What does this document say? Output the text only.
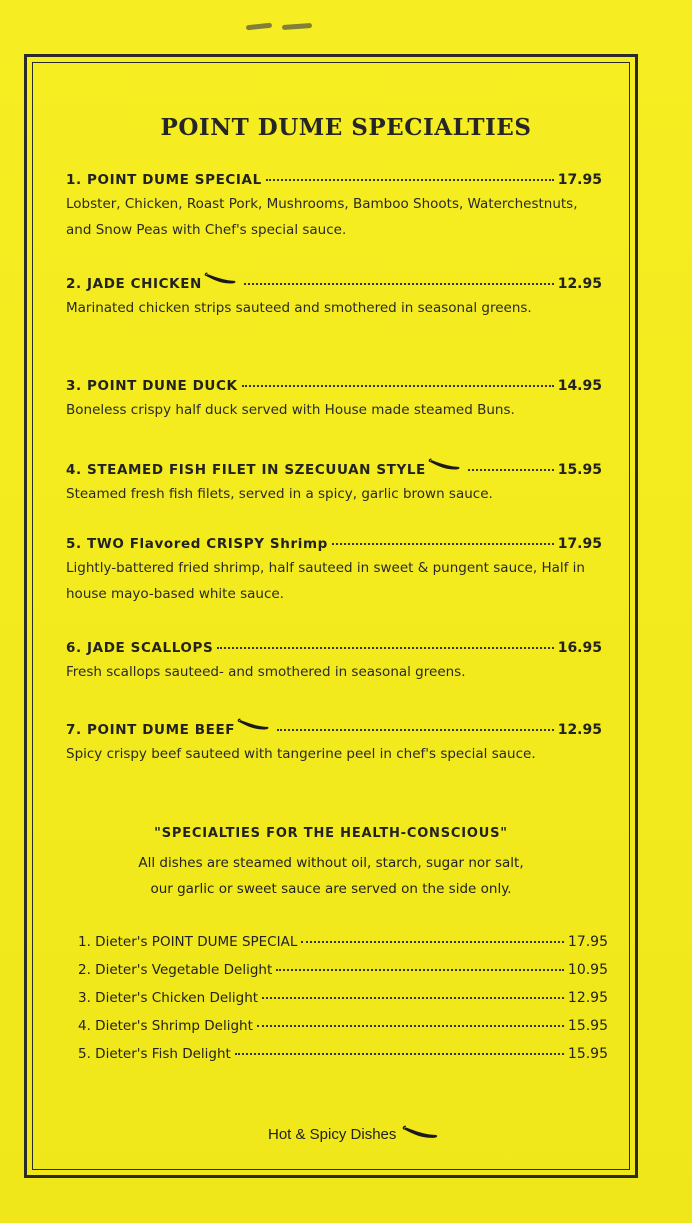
POINT DUME SPECIALTIES
1. POINT DUME SPECIAL	17.95
Lobster, Chicken, Roast Pork, Mushrooms, Bamboo Shoots, Waterchestnuts, and Snow Peas with Chef's special sauce.
2. JADE CHICKEN	12.95
Marinated chicken strips sauteed and smothered in seasonal greens.
3. POINT DUNE DUCK	14.95
Boneless crispy half duck served with House made steamed Buns.
4. STEAMED FISH FILET IN SZECUUAN STYLE	15.95
Steamed fresh fish filets, served in a spicy, garlic brown sauce.
5. TWO Flavored CRISPY Shrimp	17.95
Lightly-battered fried shrimp, half sauteed in sweet & pungent sauce, Half in house mayo-based white sauce.
6. JADE SCALLOPS	16.95
Fresh scallops sauteed- and smothered in seasonal greens.
7. POINT DUME BEEF	12.95
Spicy crispy beef sauteed with tangerine peel in chef's special sauce.
"SPECIALTIES FOR THE HEALTH-CONSCIOUS"
All dishes are steamed without oil, starch, sugar nor salt,
our garlic or sweet sauce are served on the side only.
1. Dieter's POINT DUME SPECIAL	17.95
2. Dieter's Vegetable Delight	10.95
3. Dieter's Chicken Delight	12.95
4. Dieter's Shrimp Delight	15.95
5. Dieter's Fish Delight	15.95
Hot & Spicy Dishes
